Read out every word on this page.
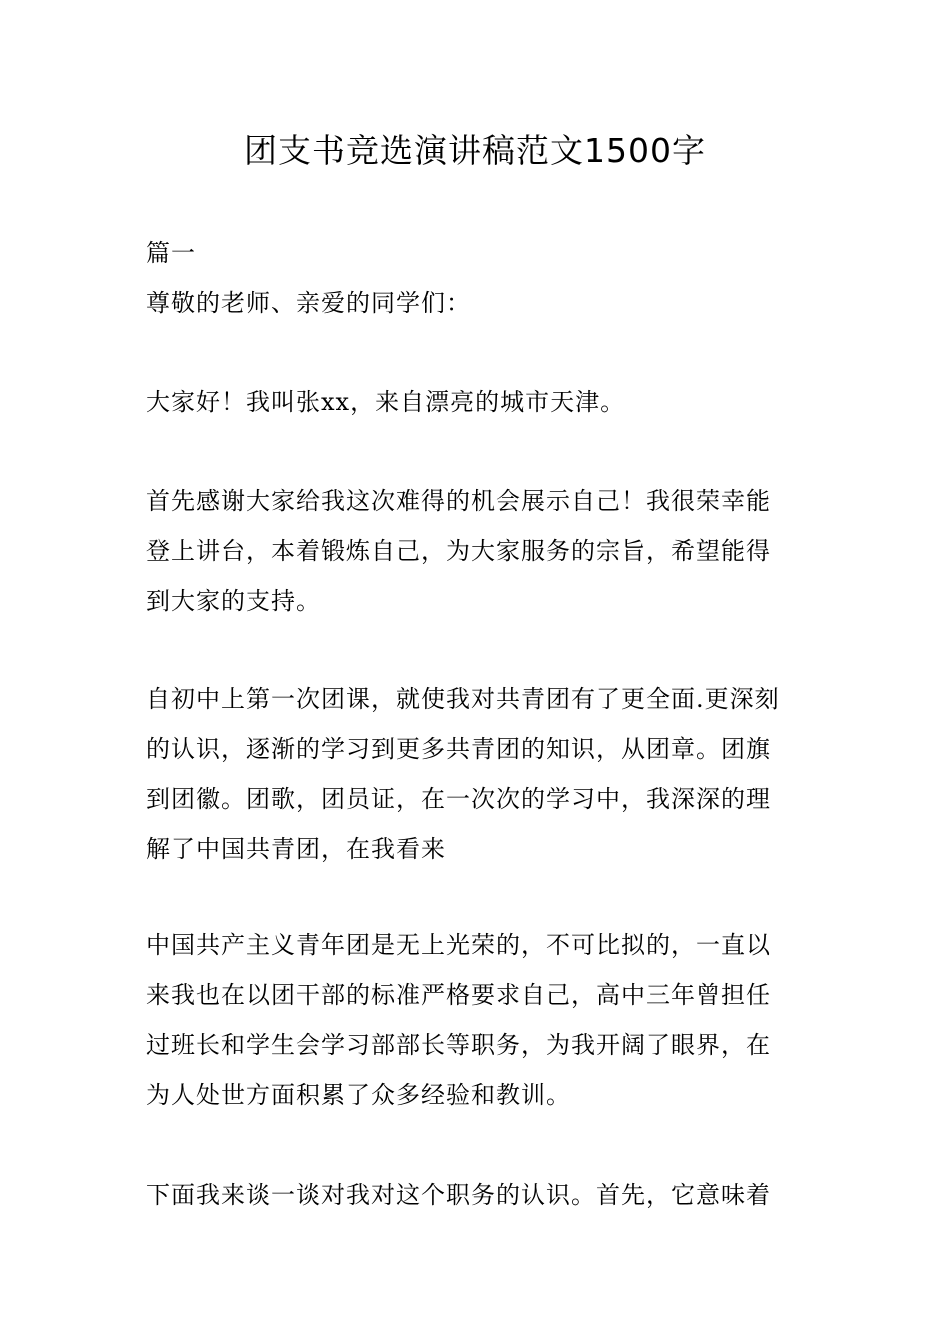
团支书竞选演讲稿范文1500字
篇一
尊敬的老师、亲爱的同学们：
大家好！我叫张xx，来自漂亮的城市天津。
首先感谢大家给我这次难得的机会展示自己！我很荣幸能
登上讲台，本着锻炼自己，为大家服务的宗旨，希望能得
到大家的支持。
自初中上第一次团课，就使我对共青团有了更全面.更深刻
的认识，逐渐的学习到更多共青团的知识，从团章。团旗
到团徽。团歌，团员证，在一次次的学习中，我深深的理
解了中国共青团，在我看来
中国共产主义青年团是无上光荣的，不可比拟的，一直以
来我也在以团干部的标准严格要求自己，高中三年曾担任
过班长和学生会学习部部长等职务，为我开阔了眼界，在
为人处世方面积累了众多经验和教训。
下面我来谈一谈对我对这个职务的认识。首先，它意味着
